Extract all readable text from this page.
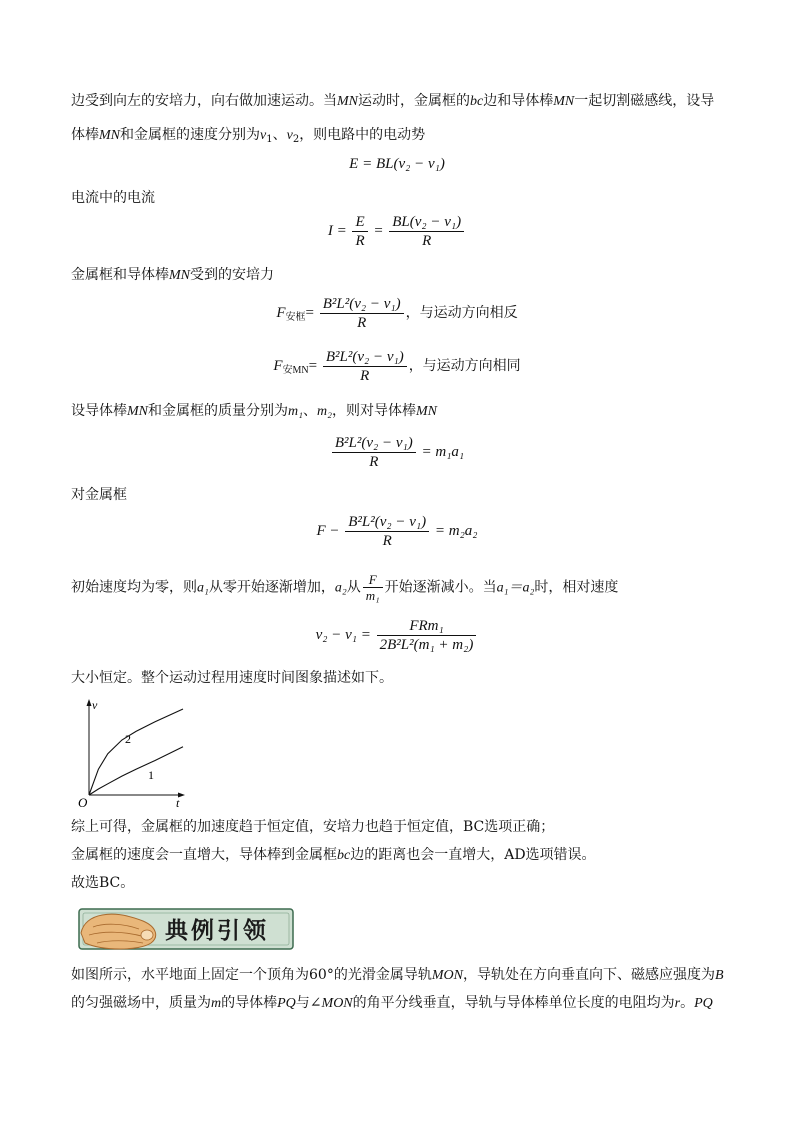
边受到向左的安培力，向右做加速运动。当MN运动时，金属框的bc边和导体棒MN一起切割磁感线，设导
体棒MN和金属框的速度分别为$v_1$、$v_2$，则电路中的电动势
E = BL(v₂ − v₁)
电流中的电流
$I = \frac{E}{R} = \frac{\text{BL(v₂ − v₁)}}{R}$
金属框和导体棒MN受到的安培力
$F_{安框}= \frac{\text{B²L²(v₂ − v₁)}}{R}$ ，与运动方向相反
$F_{安MN}= \frac{\text{B²L²(v₂ − v₁)}}{R}$ ，与运动方向相同
设导体棒MN和金属框的质量分别为m₁、m₂，则对导体棒MN
$\frac{\text{B²L²(v₂ − v₁)}}{R} = m_1a_1$
对金属框
$F - \frac{\text{B²L²(v₂ − v₁)}}{R} = m_2a_2$
初始速度均为零，则a₁从零开始逐渐增加，a₂从 $\frac{F}{\text{m₁}}$ 开始逐渐减小。当a₁＝a₂时，相对速度
$v_2 - v_1 = \frac{\text{FRm₁}}{\text{2B²L²(m₁ + m₂)}}$
大小恒定。整个运动过程用速度时间图象描述如下。
v
t
O
2
1
综上可得，金属框的加速度趋于恒定值，安培力也趋于恒定值，BC选项正确；
金属框的速度会一直增大，导体棒到金属框bc边的距离也会一直增大，AD选项错误。
故选BC。
典例引领
如图所示，水平地面上固定一个顶角为60°的光滑金属导轨MON，导轨处在方向垂直向下、磁感应强度为B
的匀强磁场中，质量为m的导体棒PQ与∠MON的角平分线垂直，导轨与导体棒单位长度的电阻均为r。PQ
